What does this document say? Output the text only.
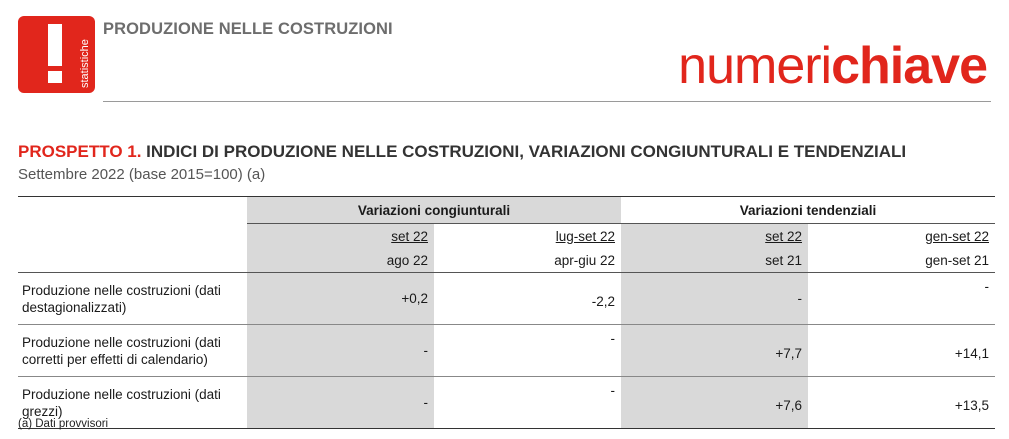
statistiche
PRODUZIONE NELLE COSTRUZIONI
numerichiave
PROSPETTO 1. INDICI DI PRODUZIONE NELLE COSTRUZIONI, VARIAZIONI CONGIUNTURALI E TENDENZIALI
Settembre 2022 (base 2015=100) (a)
	Variazioni congiunturali		Variazioni tendenziali	
	set 22	lug-set 22	set 22	gen-set 22
	ago 22	apr-giu 22	set 21	gen-set 21
Produzione nelle costruzioni (dati destagionalizzati)	+0,2	-2,2	-	-
Produzione nelle costruzioni (dati corretti per effetti di calendario)	-	-	+7,7	+14,1
Produzione nelle costruzioni (dati grezzi)	-	-	+7,6	+13,5
(a) Dati provvisori
